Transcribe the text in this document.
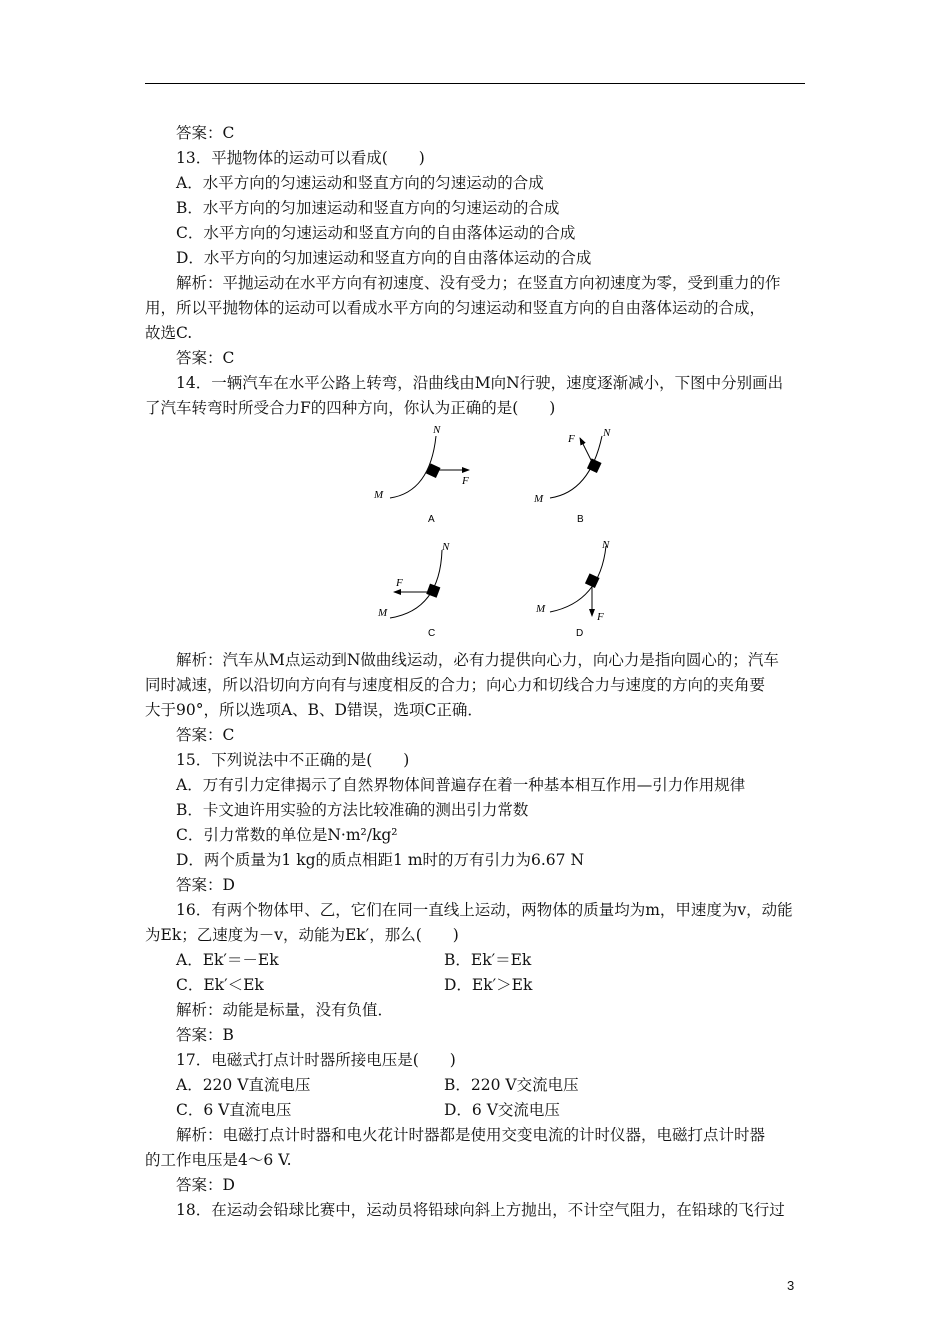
答案：C
13．平抛物体的运动可以看成(　　)
A．水平方向的匀速运动和竖直方向的匀速运动的合成
B．水平方向的匀加速运动和竖直方向的匀速运动的合成
C．水平方向的匀速运动和竖直方向的自由落体运动的合成
D．水平方向的匀加速运动和竖直方向的自由落体运动的合成
解析：平抛运动在水平方向有初速度、没有受力；在竖直方向初速度为零，受到重力的作
用，所以平抛物体的运动可以看成水平方向的匀速运动和竖直方向的自由落体运动的合成，
故选C.
答案：C
14．一辆汽车在水平公路上转弯，沿曲线由M向N行驶，速度逐渐减小，下图中分别画出
了汽车转弯时所受合力F的四种方向，你认为正确的是(　　)
解析：汽车从M点运动到N做曲线运动，必有力提供向心力，向心力是指向圆心的；汽车
同时减速，所以沿切向方向有与速度相反的合力；向心力和切线合力与速度的方向的夹角要
大于90°，所以选项A、B、D错误，选项C正确．
答案：C
15．下列说法中不正确的是(　　)
A．万有引力定律揭示了自然界物体间普遍存在着一种基本相互作用—引力作用规律
B．卡文迪许用实验的方法比较准确的测出引力常数
C．引力常数的单位是N·m²/kg²
D．两个质量为1 kg的质点相距1 m时的万有引力为6.67 N
答案：D
16．有两个物体甲、乙，它们在同一直线上运动，两物体的质量均为m，甲速度为v，动能
为Ek；乙速度为－v，动能为Ek′，那么(　　)
A．Ek′＝－Ek	B．Ek′＝Ek
C．Ek′＜Ek	D．Ek′＞Ek
解析：动能是标量，没有负值．
答案：B
17．电磁式打点计时器所接电压是(　　)
A．220 V直流电压	B．220 V交流电压
C．6 V直流电压	D．6 V交流电压
解析：电磁打点计时器和电火花计时器都是使用交变电流的计时仪器，电磁打点计时器
的工作电压是4～6 V.
答案：D
18．在运动会铅球比赛中，运动员将铅球向斜上方抛出，不计空气阻力，在铅球的飞行过
M
N
F
A
M
N
F
B
M
N
F
C
M
N
F
D
3
